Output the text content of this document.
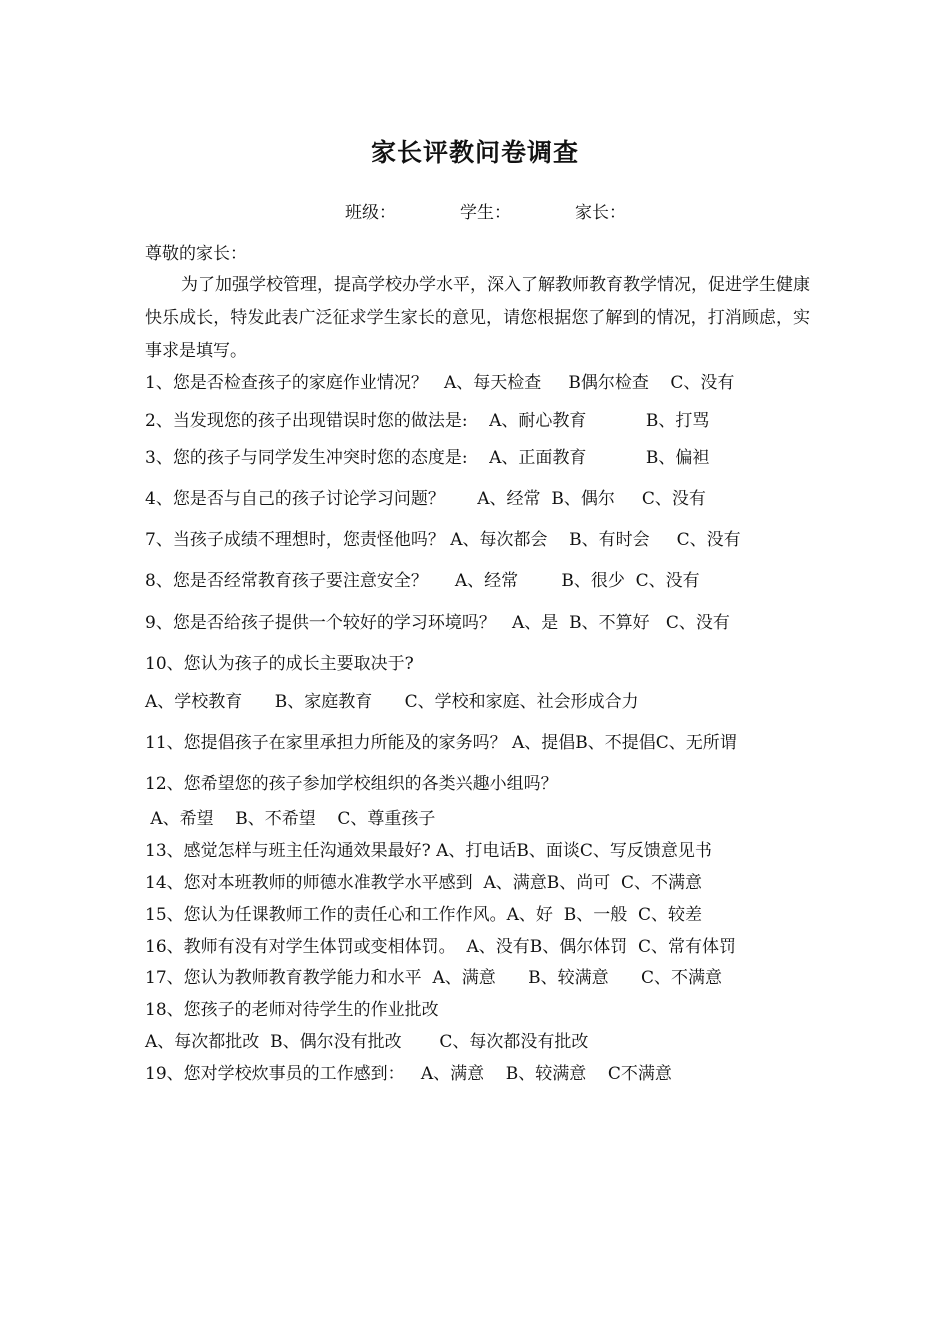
家长评教问卷调查
班级：	学生：	家长：
尊敬的家长：
为了加强学校管理，提高学校办学水平，深入了解教师教育教学情况，促进学生健康快乐成长，特发此表广泛征求学生家长的意见，请您根据您了解到的情况，打消顾虑，实事求是填写。
1、您是否检查孩子的家庭作业情况？   A、每天检查     B偶尔检查    C、没有
2、当发现您的孩子出现错误时您的做法是:    A、耐心教育           B、打骂
3、您的孩子与同学发生冲突时您的态度是:    A、正面教育           B、偏袒
4、您是否与自己的孩子讨论学习问题？      A、经常  B、偶尔     C、没有
7、当孩子成绩不理想时，您责怪他吗？ A、每次都会    B、有时会     C、没有
8、您是否经常教育孩子要注意安全？     A、经常        B、很少  C、没有
9、您是否给孩子提供一个较好的学习环境吗？   A、是  B、不算好   C、没有
10、您认为孩子的成长主要取决于?
A、学校教育      B、家庭教育      C、学校和家庭、社会形成合力
11、您提倡孩子在家里承担力所能及的家务吗？ A、提倡B、不提倡C、无所谓
12、您希望您的孩子参加学校组织的各类兴趣小组吗？
A、希望    B、不希望    C、尊重孩子
13、感觉怎样与班主任沟通效果最好? A、打电话B、面谈C、写反馈意见书
14、您对本班教师的师德水准教学水平感到  A、满意B、尚可  C、不满意
15、您认为任课教师工作的责任心和工作作风。A、好  B、一般  C、较差
16、教师有没有对学生体罚或变相体罚。  A、没有B、偶尔体罚  C、常有体罚
17、您认为教师教育教学能力和水平  A、满意      B、较满意      C、不满意
18、您孩子的老师对待学生的作业批改
A、每次都批改  B、偶尔没有批改       C、每次都没有批改
19、您对学校炊事员的工作感到：   A、满意    B、较满意    C不满意
